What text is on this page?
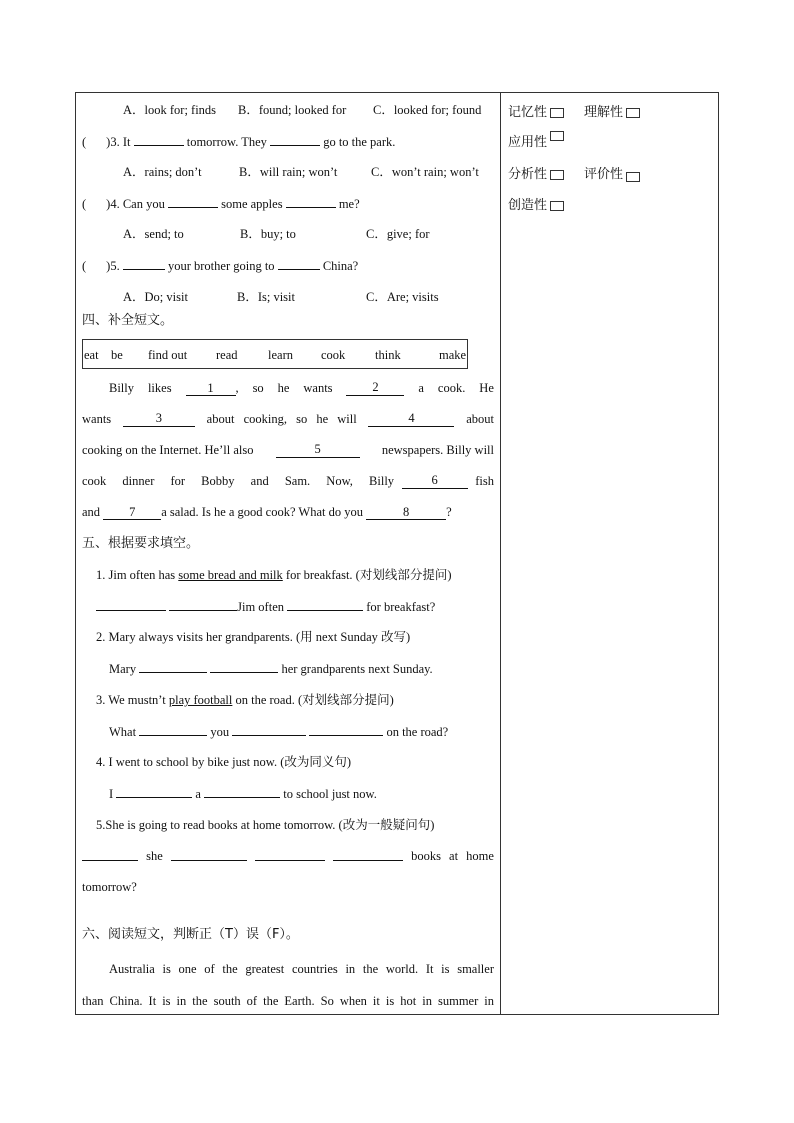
A．look for; finds B．found; looked for C．looked for; found
( )3. It	tomorrow. They	go to the park.
A．rains; don’t	B．will rain; won’t	C．won’t rain; won’t
( )4. Can you	some apples	me?
A．send; to	B．buy; to	C．give; for
( )5.	your brother going to	China?
A．Do; visit	B．Is; visit	C．Are; visits
四、补全短文。
eat be find out read learn cook think	make
Billy likes	1 , so he wants	2	a cook. He
wants	3	about cooking, so he will	4	about
cooking on the Internet. He’ll also	5	newspapers. Billy will
cook dinner for Bobby and Sam. Now, Billy	6	fish
and 7 a salad. Is he a good cook? What do you	8	?
五、根据要求填空。
1. Jim often has some bread and milk for breakfast. (对划线部分提问)
Jim often	for breakfast?
2. Mary always visits her grandparents. (用 next Sunday 改写)
Mary	her grandparents next Sunday.
3. We mustn’t play football on the road. (对划线部分提问)
What	you	on the road?
4. I went to school by bike just now. (改为同义句)
I	a	to school just now.
5.She is going to read books at home tomorrow. (改为一般疑问句)
she	books at home
tomorrow?
六、阅读短文，判断正（T）误（F）。
Australia is one of the greatest countries in the world. It is smaller
than China. It is in the south of the Earth. So when it is hot in summer in
记忆性	理解性
应用性
分析性	评价性
创造性
